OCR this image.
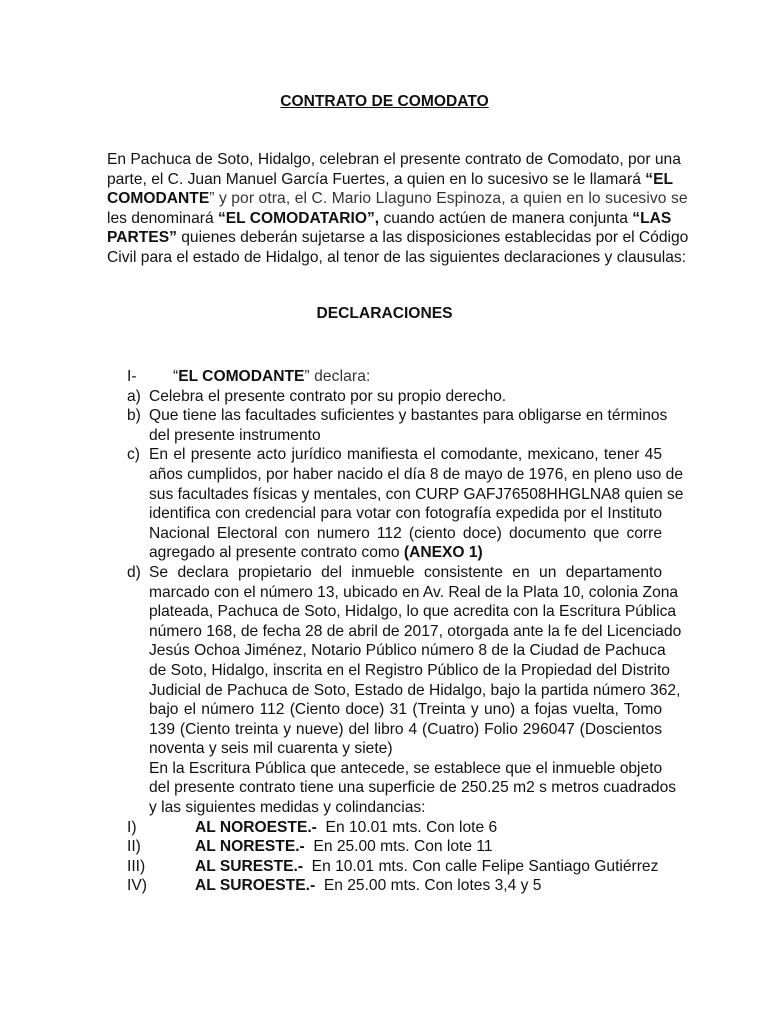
CONTRATO DE COMODATO
En Pachuca de Soto, Hidalgo, celebran el presente contrato de Comodato, por una
parte, el C. Juan Manuel García Fuertes, a quien en lo sucesivo se le llamará “EL
COMODANTE” y por otra, el C. Mario Llaguno Espinoza, a quien en lo sucesivo se
les denominará “EL COMODATARIO”, cuando actúen de manera conjunta “LAS
PARTES” quienes deberán sujetarse a las disposiciones establecidas por el Código
Civil para el estado de Hidalgo, al tenor de las siguientes declaraciones y clausulas:
DECLARACIONES
I- “EL COMODANTE” declara:
a) Celebra el presente contrato por su propio derecho.
b) Que tiene las facultades suficientes y bastantes para obligarse en términos
del presente instrumento
c) En el presente acto jurídico manifiesta el comodante, mexicano, tener 45
años cumplidos, por haber nacido el día 8 de mayo de 1976, en pleno uso de
sus facultades físicas y mentales, con CURP GAFJ76508HHGLNA8 quien se
identifica con credencial para votar con fotografía expedida por el Instituto
Nacional Electoral con numero 112 (ciento doce) documento que corre
agregado al presente contrato como (ANEXO 1)
d) Se declara propietario del inmueble consistente en un departamento
marcado con el número 13, ubicado en Av. Real de la Plata 10, colonia Zona
plateada, Pachuca de Soto, Hidalgo, lo que acredita con la Escritura Pública
número 168, de fecha 28 de abril de 2017, otorgada ante la fe del Licenciado
Jesús Ochoa Jiménez, Notario Público número 8 de la Ciudad de Pachuca
de Soto, Hidalgo, inscrita en el Registro Público de la Propiedad del Distrito
Judicial de Pachuca de Soto, Estado de Hidalgo, bajo la partida número 362,
bajo el número 112 (Ciento doce) 31 (Treinta y uno) a fojas vuelta, Tomo
139 (Ciento treinta y nueve) del libro 4 (Cuatro) Folio 296047 (Doscientos
noventa y seis mil cuarenta y siete)
En la Escritura Pública que antecede, se establece que el inmueble objeto
del presente contrato tiene una superficie de 250.25 m2 s metros cuadrados
y las siguientes medidas y colindancias:
I)	AL NOROESTE.-  En 10.01 mts. Con lote 6
II)	AL NORESTE.-  En 25.00 mts. Con lote 11
III)	AL SURESTE.-  En 10.01 mts. Con calle Felipe Santiago Gutiérrez
IV)	AL SUROESTE.-  En 25.00 mts. Con lotes 3,4 y 5
